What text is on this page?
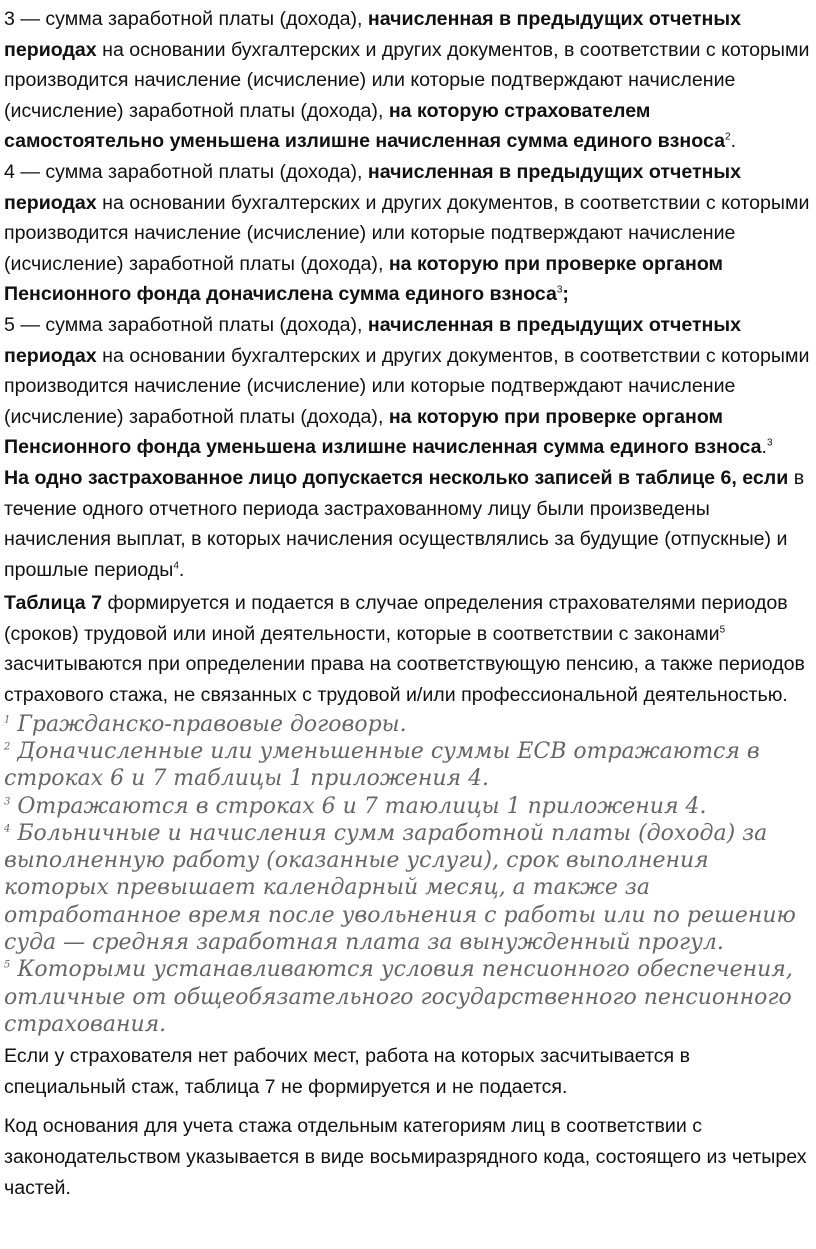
3 — сумма заработной платы (дохода), начисленная в предыдущих отчетных периодах на основании бухгалтерских и других документов, в соответствии с которыми производится начисление (исчисление) или которые подтверждают начисление (исчисление) заработной платы (дохода), на которую страхователем самостоятельно уменьшена излишне начисленная сумма единого взноса$^2$.

4 — сумма заработной платы (дохода), начисленная в предыдущих отчетных периодах на основании бухгалтерских и других документов, в соответствии с которыми производится начисление (исчисление) или которые подтверждают начисление (исчисление) заработной платы (дохода), на которую при проверке органом Пенсионного фонда доначислена сумма единого взноса$^3$;

5 — сумма заработной платы (дохода), начисленная в предыдущих отчетных периодах на основании бухгалтерских и других документов, в соответствии с которыми производится начисление (исчисление) или которые подтверждают начисление (исчисление) заработной платы (дохода), на которую при проверке органом Пенсионного фонда уменьшена излишне начисленная сумма единого взноса.$^3$

На одно застрахованное лицо допускается несколько записей в таблице 6, если в течение одного отчетного периода застрахованному лицу были произведены начисления выплат, в которых начисления осуществлялись за будущие (отпускные) и прошлые периоды$^4$.

Таблица 7 формируется и подается в случае определения страхователями периодов (сроков) трудовой или иной деятельности, которые в соответствии с законами$^5$ засчитываются при определении права на соответствующую пенсию, а также периодов страхового стажа, не связанных с трудовой и/или профессиональной деятельностью.

$^1$ Гражданско-правовые договоры.

$^2$ Доначисленные или уменьшенные суммы ЕСВ отражаются в строках 6 и 7 таблицы 1 приложения 4.

$^3$ Отражаются в строках 6 и 7 таюлицы 1 приложения 4.

$^4$ Больничные и начисления сумм заработной платы (дохода) за выполненную работу (оказанные услуги), срок выполнения которых превышает календарный месяц, а также за отработанное время после увольнения с работы или по решению суда — средняя заработная плата за вынужденный прогул.

$^5$ Которыми устанавливаются условия пенсионного обеспечения, отличные от общеобязательного государственного пенсионного страхования.

Если у страхователя нет рабочих мест, работа на которых засчитывается в специальный стаж, таблица 7 не формируется и не подается.

Код основания для учета стажа отдельным категориям лиц в соответствии с законодательством указывается в виде восьмиразрядного кода, состоящего из четырех частей.
